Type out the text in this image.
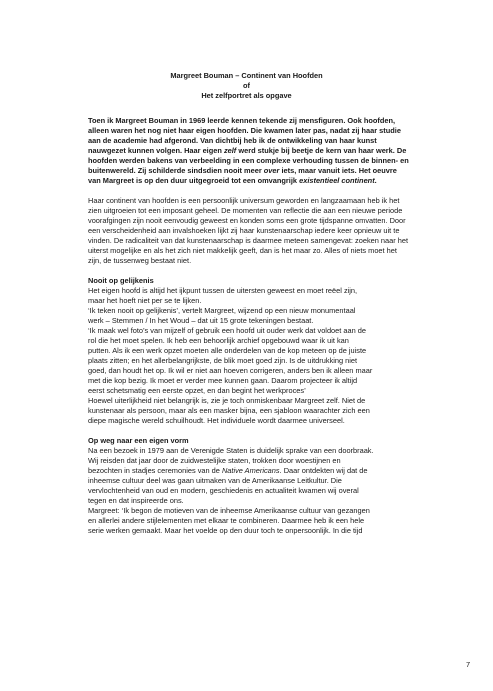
Margreet Bouman – Continent van Hoofden
of
Het zelfportret als opgave

Toen ik Margreet Bouman in 1969 leerde kennen tekende zij mensfiguren. Ook hoofden, alleen waren het nog niet haar eigen hoofden. Die kwamen later pas, nadat zij haar studie aan de academie had afgerond. Van dichtbij heb ik de ontwikkeling van haar kunst nauwgezet kunnen volgen. Haar eigen zelf werd stukje bij beetje de kern van haar werk. De hoofden werden bakens van verbeelding in een complexe verhouding tussen de binnen- en buitenwereld. Zij schilderde sindsdien nooit meer over iets, maar vanuit iets. Het oeuvre van Margreet is op den duur uitgegroeid tot een omvangrijk existentieel continent.

Haar continent van hoofden is een persoonlijk universum geworden en langzaamaan heb ik het zien uitgroeien tot een imposant geheel. De momenten van reflectie die aan een nieuwe periode voorafgingen zijn nooit eenvoudig geweest en konden soms een grote tijdspanne omvatten. Door een verscheidenheid aan invalshoeken lijkt zij haar kunstenaarschap iedere keer opnieuw uit te vinden. De radicaliteit van dat kunstenaarschap is daarmee meteen samengevat: zoeken naar het uiterst mogelijke en als het zich niet makkelijk geeft, dan is het maar zo. Alles of niets moet het zijn, de tussenweg bestaat niet.

Nooit op gelijkenis

Het eigen hoofd is altijd het ijkpunt tussen de uitersten geweest en moet reëel zijn,
maar het hoeft niet per se te lijken.
‘Ik teken nooit op gelijkenis’, vertelt Margreet, wijzend op een nieuw monumentaal
werk – Stemmen / In het Woud – dat uit 15 grote tekeningen bestaat.
‘Ik maak wel foto’s van mijzelf of gebruik een hoofd uit ouder werk dat voldoet aan de
rol die het moet spelen. Ik heb een behoorlijk archief opgebouwd waar ik uit kan
putten. Als ik een werk opzet moeten alle onderdelen van de kop meteen op de juiste
plaats zitten; en het allerbelangrijkste, de blik moet goed zijn. Is de uitdrukking niet
goed, dan houdt het op. Ik wil er niet aan hoeven corrigeren, anders ben ik alleen maar
met die kop bezig. Ik moet er verder mee kunnen gaan. Daarom projecteer ik altijd
eerst schetsmatig een eerste opzet, en dan begint het werkproces’
Hoewel uiterlijkheid niet belangrijk is, zie je toch onmiskenbaar Margreet zelf. Niet de
kunstenaar als persoon, maar als een masker bijna, een sjabloon waarachter zich een
diepe magische wereld schuilhoudt. Het individuele wordt daarmee universeel.

Op weg naar een eigen vorm

Na een bezoek in 1979 aan de Verenigde Staten is duidelijk sprake van een doorbraak.
Wij reisden dat jaar door de zuidwestelijke staten, trokken door woestijnen en
bezochten in stadjes ceremonies van de Native Americans. Daar ontdekten wij dat de
inheemse cultuur deel was gaan uitmaken van de Amerikaanse Leitkultur. Die
vervlochtenheid van oud en modern, geschiedenis en actualiteit kwamen wij overal
tegen en dat inspireerde ons.
Margreet: ‘Ik begon de motieven van de inheemse Amerikaanse cultuur van gezangen
en allerlei andere stijlelementen met elkaar te combineren. Daarmee heb ik een hele
serie werken gemaakt. Maar het voelde op den duur toch te onpersoonlijk. In die tijd
7
